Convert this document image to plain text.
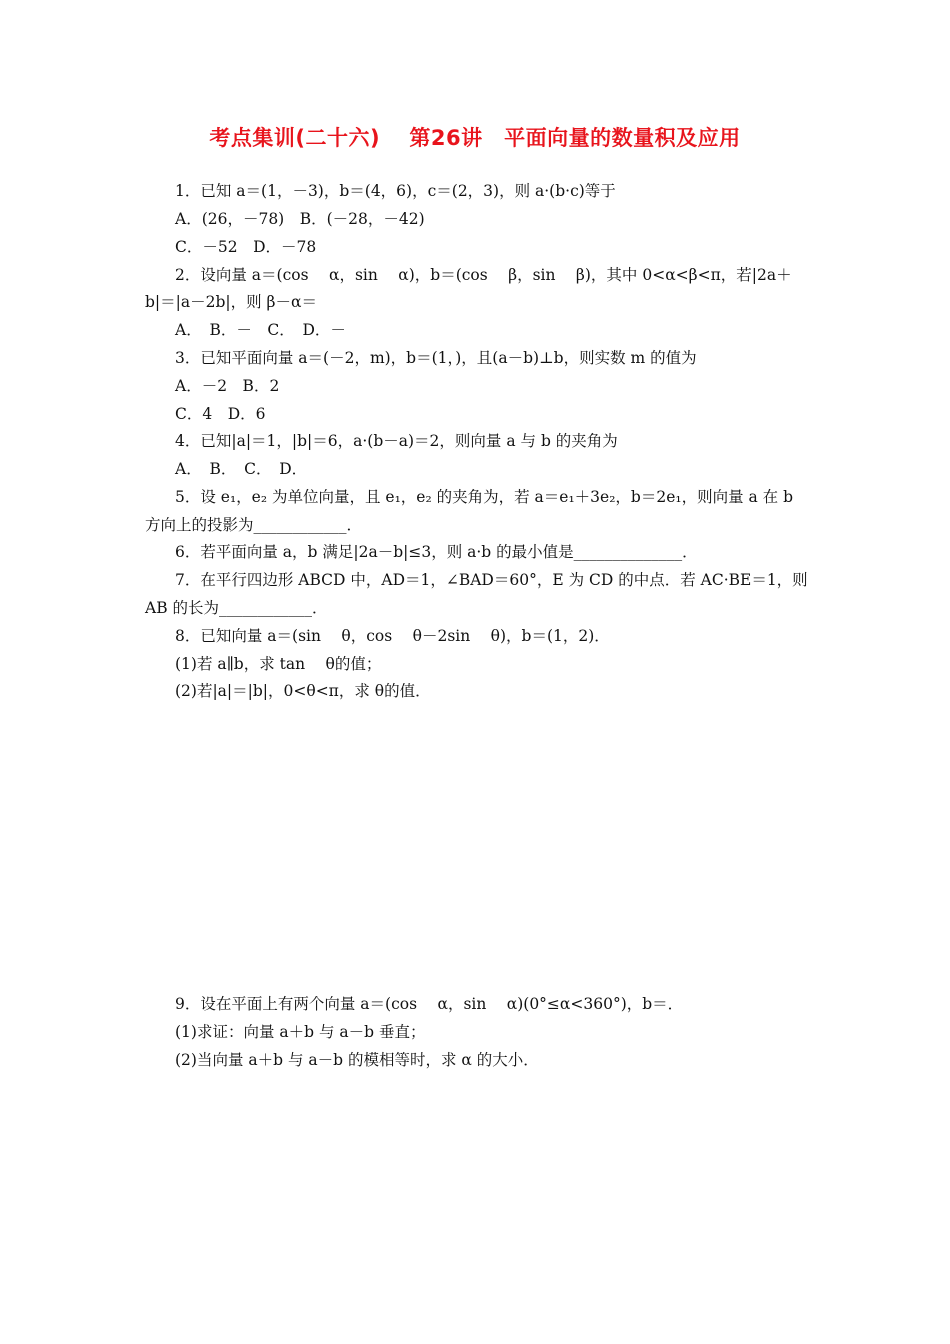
考点集训(二十六)　 第26讲　平面向量的数量积及应用
1．已知 a＝(1，－3)，b＝(4，6)，c＝(2，3)，则 a·(b·c)等于
A．(26，－78)　B．(－28，－42)
C．－52　D．－78
2．设向量 a＝(cos 　α，sin 　α)，b＝(cos 　β，sin 　β)，其中 0<α<β<π，若|2a＋
b|＝|a－2b|，则 β－α＝
A．　B．－　C．　D．－
3．已知平面向量 a＝(－2，m)，b＝(1，)，且(a－b)⊥b，则实数 m 的值为
A．－2　B．2
C．4　D．6
4．已知|a|＝1，|b|＝6，a·(b－a)＝2，则向量 a 与 b 的夹角为
A．　B．　C．　D．
5．设 e₁，e₂ 为单位向量，且 e₁，e₂ 的夹角为，若 a＝e₁＋3e₂，b＝2e₁，则向量 a 在 b
方向上的投影为____________．
6．若平面向量 a，b 满足|2a－b|≤3，则 a·b 的最小值是______________．
7．在平行四边形 ABCD 中，AD＝1，∠BAD＝60°，E 为 CD 的中点．若 AC·BE＝1，则
AB 的长为____________．
8．已知向量 a＝(sin 　θ，cos 　θ－2sin 　θ)，b＝(1，2)．
(1)若 a∥b，求 tan 　θ的值；
(2)若|a|＝|b|，0<θ<π，求 θ的值．
9．设在平面上有两个向量 a＝(cos 　α，sin 　α)(0°≤α<360°)，b＝．
(1)求证：向量 a＋b 与 a－b 垂直；
(2)当向量 a＋b 与 a－b 的模相等时，求 α 的大小．
